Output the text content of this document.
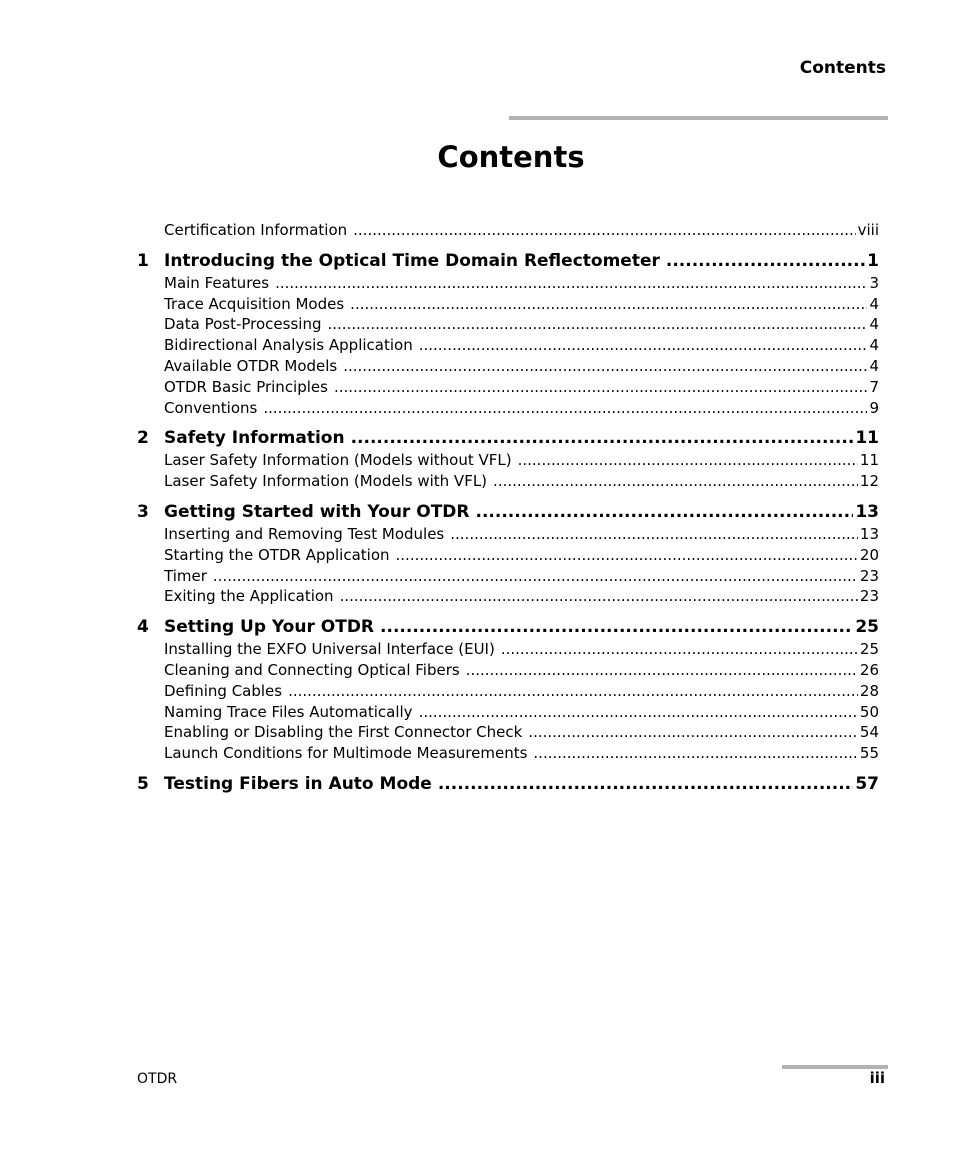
Contents
Contents
Certification Information .....	viii
1 Introducing the Optical Time Domain Reflectometer .....	1
Main Features .....	3
Trace Acquisition Modes .....	4
Data Post-Processing .....	4
Bidirectional Analysis Application .....	4
Available OTDR Models .....	4
OTDR Basic Principles .....	7
Conventions .....	9
2 Safety Information .....	11
Laser Safety Information (Models without VFL) .....	11
Laser Safety Information (Models with VFL) .....	12
3 Getting Started with Your OTDR .....	13
Inserting and Removing Test Modules .....	13
Starting the OTDR Application .....	20
Timer .....	23
Exiting the Application .....	23
4 Setting Up Your OTDR .....	25
Installing the EXFO Universal Interface (EUI) .....	25
Cleaning and Connecting Optical Fibers .....	26
Defining Cables .....	28
Naming Trace Files Automatically .....	50
Enabling or Disabling the First Connector Check .....	54
Launch Conditions for Multimode Measurements .....	55
5 Testing Fibers in Auto Mode .....	57
OTDR	iii
